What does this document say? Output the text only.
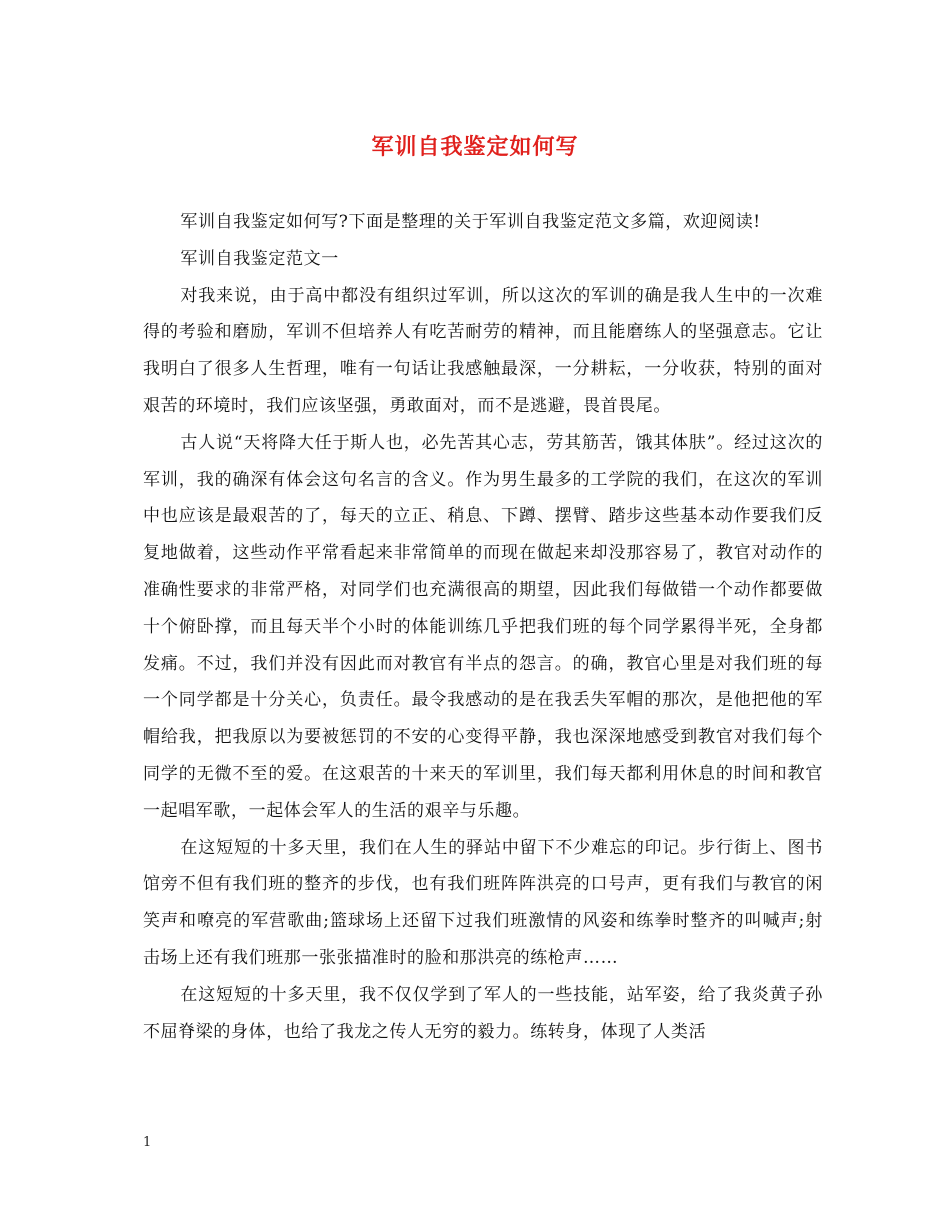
军训自我鉴定如何写

军训自我鉴定如何写?下面是整理的关于军训自我鉴定范文多篇，欢迎阅读!

军训自我鉴定范文一

对我来说，由于高中都没有组织过军训，所以这次的军训的确是我人生中的一次难得的考验和磨励，军训不但培养人有吃苦耐劳的精神，而且能磨练人的坚强意志。它让我明白了很多人生哲理，唯有一句话让我感触最深，一分耕耘，一分收获，特别的面对艰苦的环境时，我们应该坚强，勇敢面对，而不是逃避，畏首畏尾。

古人说“天将降大任于斯人也，必先苦其心志，劳其筋苦，饿其体肤”。经过这次的军训，我的确深有体会这句名言的含义。作为男生最多的工学院的我们，在这次的军训中也应该是最艰苦的了，每天的立正、稍息、下蹲、摆臂、踏步这些基本动作要我们反复地做着，这些动作平常看起来非常简单的而现在做起来却没那容易了，教官对动作的准确性要求的非常严格，对同学们也充满很高的期望，因此我们每做错一个动作都要做十个俯卧撑，而且每天半个小时的体能训练几乎把我们班的每个同学累得半死，全身都发痛。不过，我们并没有因此而对教官有半点的怨言。的确，教官心里是对我们班的每一个同学都是十分关心，负责任。最令我感动的是在我丢失军帽的那次，是他把他的军帽给我，把我原以为要被惩罚的不安的心变得平静，我也深深地感受到教官对我们每个同学的无微不至的爱。在这艰苦的十来天的军训里，我们每天都利用休息的时间和教官一起唱军歌，一起体会军人的生活的艰辛与乐趣。

在这短短的十多天里，我们在人生的驿站中留下不少难忘的印记。步行街上、图书馆旁不但有我们班的整齐的步伐，也有我们班阵阵洪亮的口号声，更有我们与教官的闲笑声和嘹亮的军营歌曲;篮球场上还留下过我们班激情的风姿和练拳时整齐的叫喊声;射击场上还有我们班那一张张描准时的脸和那洪亮的练枪声……

在这短短的十多天里，我不仅仅学到了军人的一些技能，站军姿，给了我炎黄子孙不屈脊梁的身体，也给了我龙之传人无穷的毅力。练转身，体现了人类活

1
